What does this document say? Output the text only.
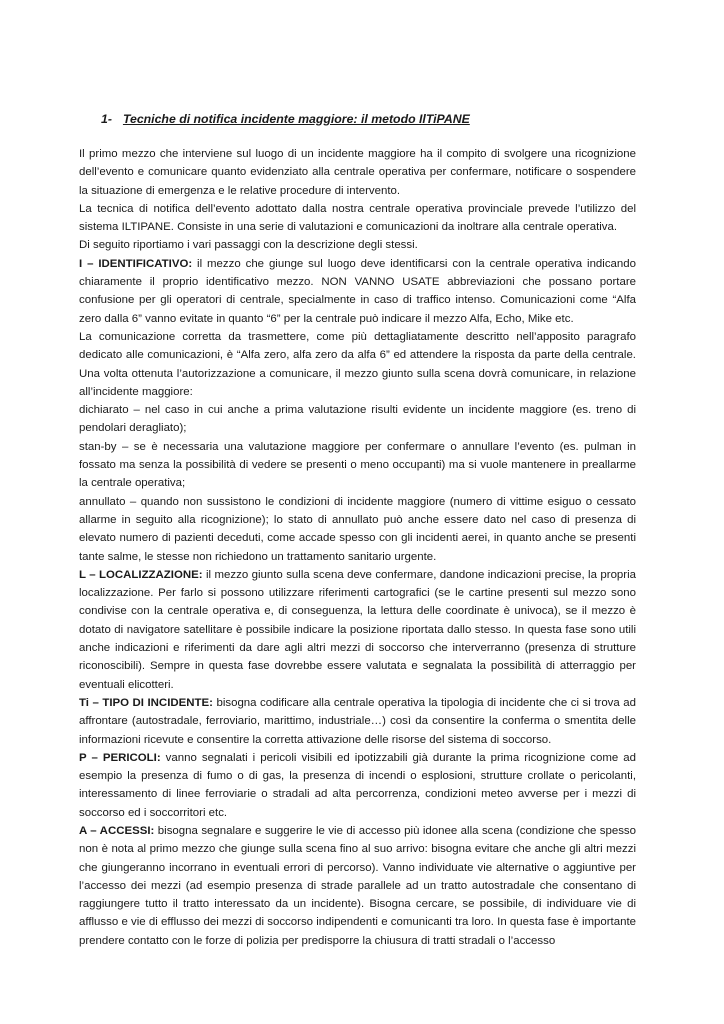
1- Tecniche di notifica incidente maggiore: il metodo IlTiPANE

Il primo mezzo che interviene sul luogo di un incidente maggiore ha il compito di svolgere una ricognizione dell’evento e comunicare quanto evidenziato alla centrale operativa per confermare, notificare o sospendere la situazione di emergenza e le relative procedure di intervento.

La tecnica di notifica dell’evento adottato dalla nostra centrale operativa provinciale prevede l’utilizzo del sistema ILTIPANE. Consiste in una serie di valutazioni e comunicazioni da inoltrare alla centrale operativa.

Di seguito riportiamo i vari passaggi con la descrizione degli stessi.

I – IDENTIFICATIVO: il mezzo che giunge sul luogo deve identificarsi con la centrale operativa indicando chiaramente il proprio identificativo mezzo. NON VANNO USATE abbreviazioni che possano portare confusione per gli operatori di centrale, specialmente in caso di traffico intenso. Comunicazioni come “Alfa zero dalla 6” vanno evitate in quanto “6” per la centrale può indicare il mezzo Alfa, Echo, Mike etc.

La comunicazione corretta da trasmettere, come più dettagliatamente descritto nell’apposito paragrafo dedicato alle comunicazioni, è “Alfa zero, alfa zero da alfa 6” ed attendere la risposta da parte della centrale. Una volta ottenuta l’autorizzazione a comunicare, il mezzo giunto sulla scena dovrà comunicare, in relazione all’incidente maggiore:

dichiarato – nel caso in cui anche a prima valutazione risulti evidente un incidente maggiore (es. treno di pendolari deragliato);

stan-by – se è necessaria una valutazione maggiore per confermare o annullare l’evento (es. pulman in fossato ma senza la possibilità di vedere se presenti o meno occupanti) ma si vuole mantenere in preallarme la centrale operativa;

annullato – quando non sussistono le condizioni di incidente maggiore (numero di vittime esiguo o cessato allarme in seguito alla ricognizione); lo stato di annullato può anche essere dato nel caso di presenza di elevato numero di pazienti deceduti, come accade spesso con gli incidenti aerei, in quanto anche se presenti tante salme, le stesse non richiedono un trattamento sanitario urgente.

L – LOCALIZZAZIONE: il mezzo giunto sulla scena deve confermare, dandone indicazioni precise, la propria localizzazione. Per farlo si possono utilizzare riferimenti cartografici (se le cartine presenti sul mezzo sono condivise con la centrale operativa e, di conseguenza, la lettura delle coordinate è univoca), se il mezzo è dotato di navigatore satellitare è possibile indicare la posizione riportata dallo stesso. In questa fase sono utili anche indicazioni e riferimenti da dare agli altri mezzi di soccorso che interverranno (presenza di strutture riconoscibili). Sempre in questa fase dovrebbe essere valutata e segnalata la possibilità di atterraggio per eventuali elicotteri.

Ti – TIPO DI INCIDENTE: bisogna codificare alla centrale operativa la tipologia di incidente che ci si trova ad affrontare (autostradale, ferroviario, marittimo, industriale…) così da consentire la conferma o smentita delle informazioni ricevute e consentire la corretta attivazione delle risorse del sistema di soccorso.

P – PERICOLI: vanno segnalati i pericoli visibili ed ipotizzabili già durante la prima ricognizione come ad esempio la presenza di fumo o di gas, la presenza di incendi o esplosioni, strutture crollate o pericolanti, interessamento di linee ferroviarie o stradali ad alta percorrenza, condizioni meteo avverse per i mezzi di soccorso ed i soccorritori etc.

A – ACCESSI: bisogna segnalare e suggerire le vie di accesso più idonee alla scena (condizione che spesso non è nota al primo mezzo che giunge sulla scena fino al suo arrivo: bisogna evitare che anche gli altri mezzi che giungeranno incorrano in eventuali errori di percorso). Vanno individuate vie alternative o aggiuntive per l’accesso dei mezzi (ad esempio presenza di strade parallele ad un tratto autostradale che consentano di raggiungere tutto il tratto interessato da un incidente). Bisogna cercare, se possibile, di individuare vie di afflusso e vie di efflusso dei mezzi di soccorso indipendenti e comunicanti tra loro. In questa fase è importante prendere contatto con le forze di polizia per predisporre la chiusura di tratti stradali o l’accesso
